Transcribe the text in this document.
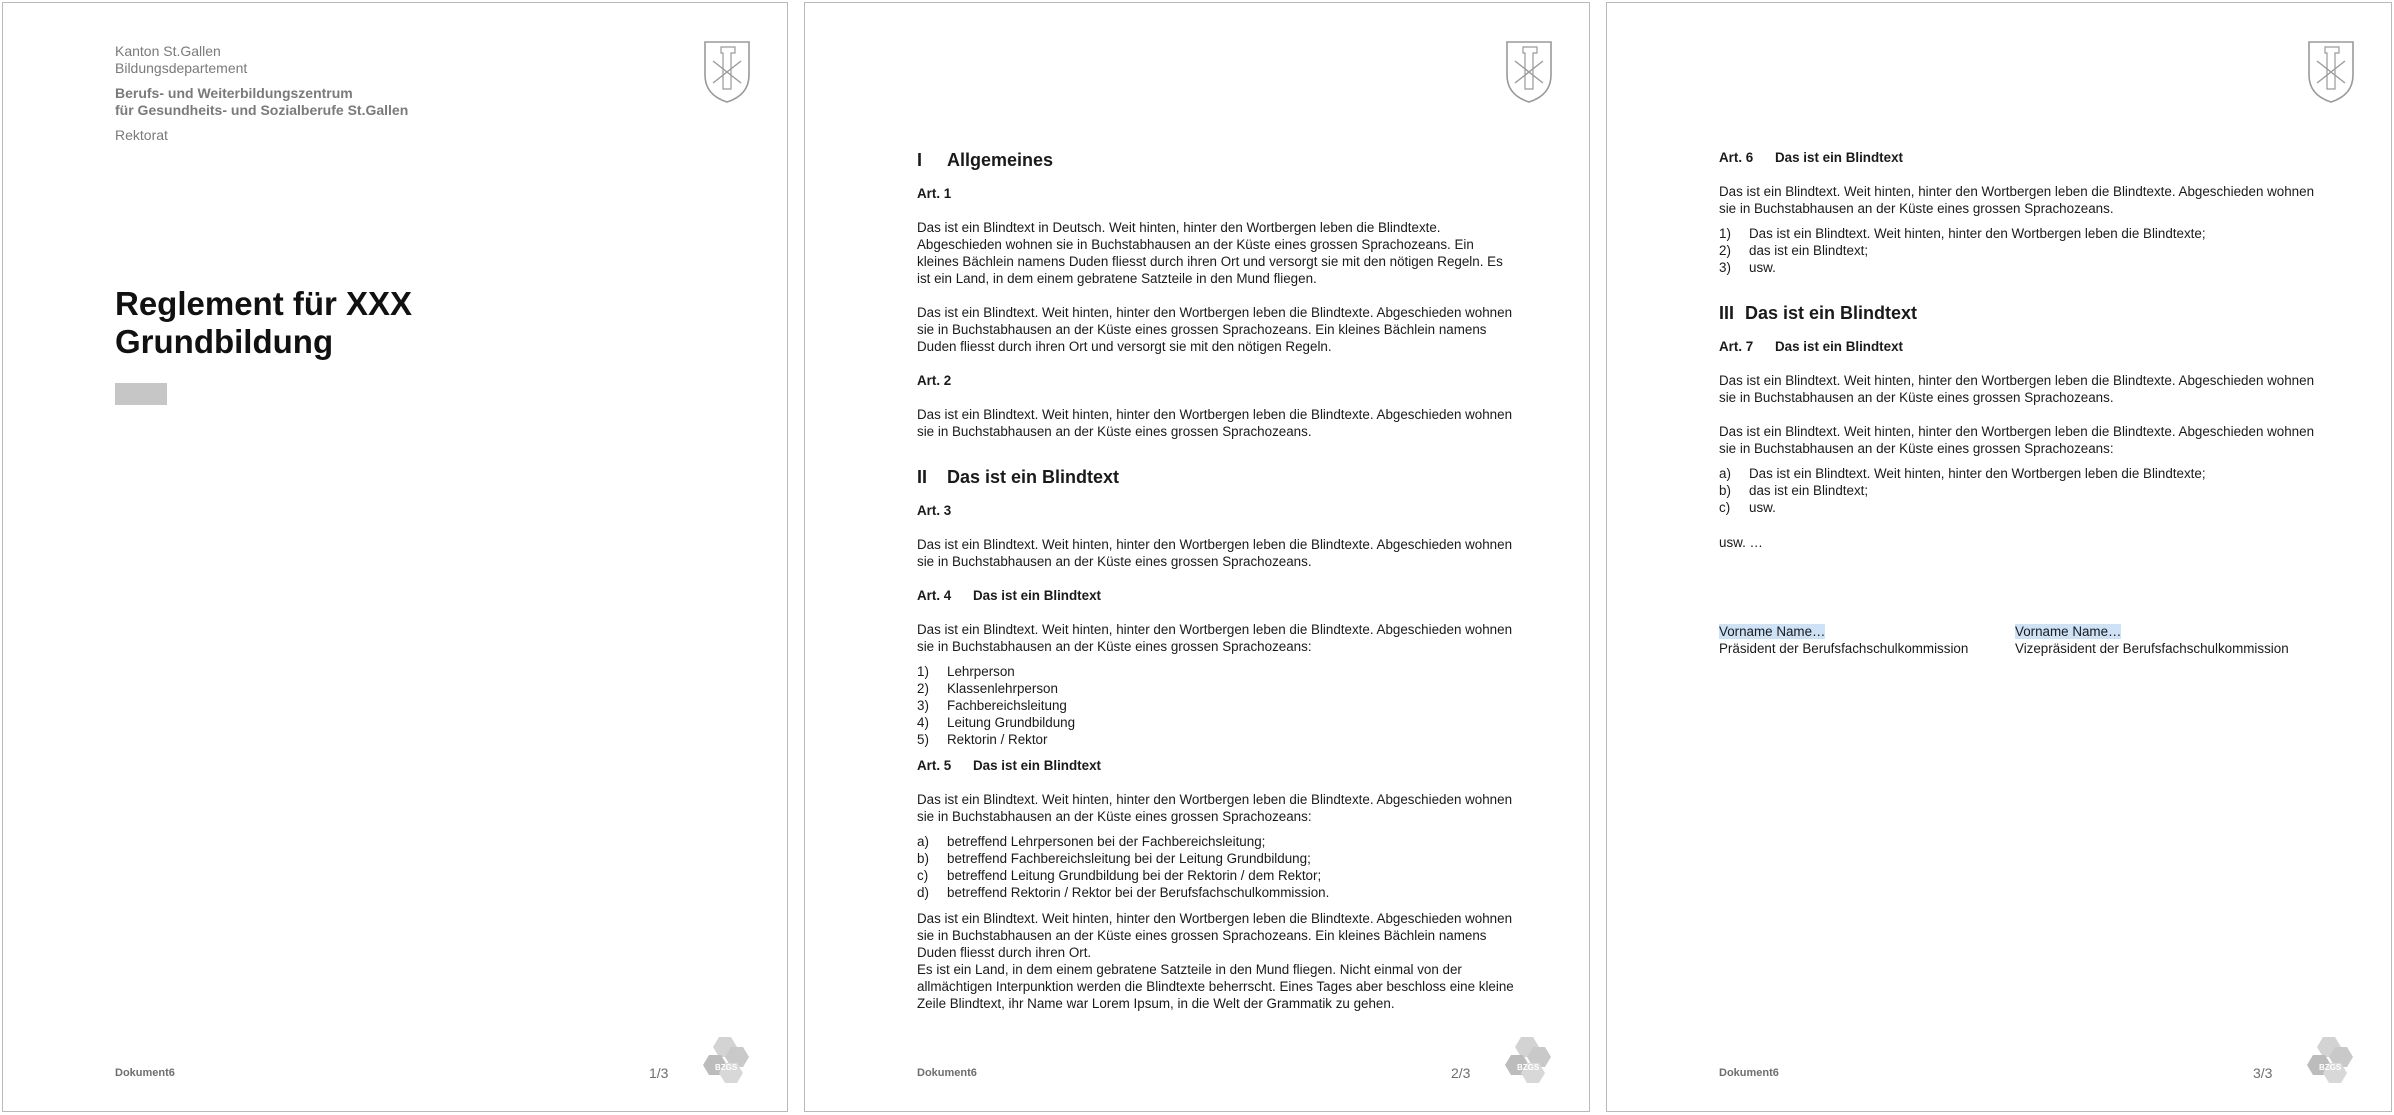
Kanton St.Gallen
Bildungsdepartement
Berufs- und Weiterbildungszentrum
für Gesundheits- und Sozialberufe St.Gallen
Rektorat
Reglement für XXX
Grundbildung
Dokument6	1/3	BZGS
I	Allgemeines
Art. 1
Das ist ein Blindtext in Deutsch. Weit hinten, hinter den Wortbergen leben die Blindtexte. Abgeschieden wohnen sie in Buchstabhausen an der Küste eines grossen Sprachozeans. Ein kleines Bächlein namens Duden fliesst durch ihren Ort und versorgt sie mit den nötigen Regeln. Es ist ein Land, in dem einem gebratene Satzteile in den Mund fliegen.
Das ist ein Blindtext. Weit hinten, hinter den Wortbergen leben die Blindtexte. Abgeschieden wohnen sie in Buchstabhausen an der Küste eines grossen Sprachozeans. Ein kleines Bächlein namens Duden fliesst durch ihren Ort und versorgt sie mit den nötigen Regeln.
Art. 2
Das ist ein Blindtext. Weit hinten, hinter den Wortbergen leben die Blindtexte. Abgeschieden wohnen sie in Buchstabhausen an der Küste eines grossen Sprachozeans.
II	Das ist ein Blindtext
Art. 3
Das ist ein Blindtext. Weit hinten, hinter den Wortbergen leben die Blindtexte. Abgeschieden wohnen sie in Buchstabhausen an der Küste eines grossen Sprachozeans.
Art. 4	Das ist ein Blindtext
Das ist ein Blindtext. Weit hinten, hinter den Wortbergen leben die Blindtexte. Abgeschieden wohnen sie in Buchstabhausen an der Küste eines grossen Sprachozeans:
1)	Lehrperson
2)	Klassenlehrperson
3)	Fachbereichsleitung
4)	Leitung Grundbildung
5)	Rektorin / Rektor
Art. 5	Das ist ein Blindtext
Das ist ein Blindtext. Weit hinten, hinter den Wortbergen leben die Blindtexte. Abgeschieden wohnen sie in Buchstabhausen an der Küste eines grossen Sprachozeans:
a)	betreffend Lehrpersonen bei der Fachbereichsleitung;
b)	betreffend Fachbereichsleitung bei der Leitung Grundbildung;
c)	betreffend Leitung Grundbildung bei der Rektorin / dem Rektor;
d)	betreffend Rektorin / Rektor bei der Berufsfachschulkommission.
Das ist ein Blindtext. Weit hinten, hinter den Wortbergen leben die Blindtexte. Abgeschieden wohnen sie in Buchstabhausen an der Küste eines grossen Sprachozeans. Ein kleines Bächlein namens Duden fliesst durch ihren Ort.
Es ist ein Land, in dem einem gebratene Satzteile in den Mund fliegen. Nicht einmal von der allmächtigen Interpunktion werden die Blindtexte beherrscht. Eines Tages aber beschloss eine kleine Zeile Blindtext, ihr Name war Lorem Ipsum, in die Welt der Grammatik zu gehen.
Dokument6	2/3	BZGS
Art. 6	Das ist ein Blindtext
Das ist ein Blindtext. Weit hinten, hinter den Wortbergen leben die Blindtexte. Abgeschieden wohnen sie in Buchstabhausen an der Küste eines grossen Sprachozeans.
1)	Das ist ein Blindtext. Weit hinten, hinter den Wortbergen leben die Blindtexte;
2)	das ist ein Blindtext;
3)	usw.
III Das ist ein Blindtext
Art. 7	Das ist ein Blindtext
Das ist ein Blindtext. Weit hinten, hinter den Wortbergen leben die Blindtexte. Abgeschieden wohnen sie in Buchstabhausen an der Küste eines grossen Sprachozeans.
Das ist ein Blindtext. Weit hinten, hinter den Wortbergen leben die Blindtexte. Abgeschieden wohnen sie in Buchstabhausen an der Küste eines grossen Sprachozeans:
a)	Das ist ein Blindtext. Weit hinten, hinter den Wortbergen leben die Blindtexte;
b)	das ist ein Blindtext;
c)	usw.
usw. …
Vorname Name…
Präsident der Berufsfachschulkommission
Vorname Name…
Vizepräsident der Berufsfachschulkommission
Dokument6	3/3	BZGS
